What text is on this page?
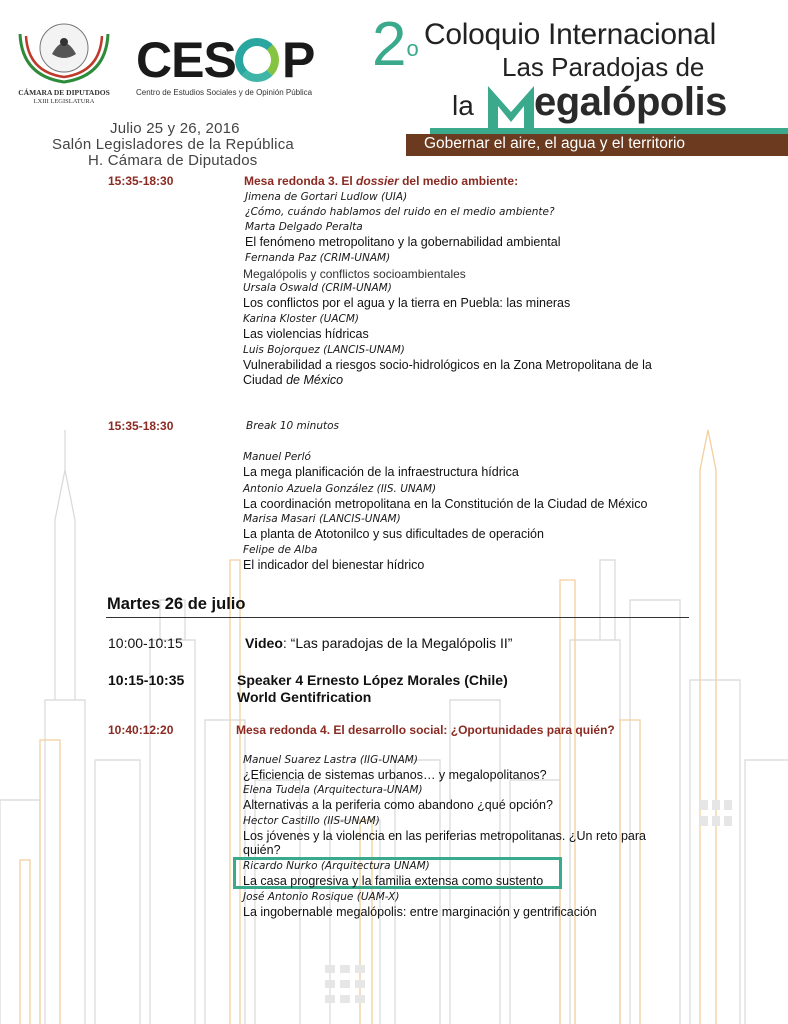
CÁMARA DE DIPUTADOS
LXIII LEGISLATURA
CES P
Centro de Estudios Sociales y de Opinión Pública
2$^o$ Coloquio Internacional
Las Paradojas de
la egalópolis
Gobernar el aire, el agua y el territorio
Julio 25 y 26, 2016
Salón Legisladores de la República
H. Cámara de Diputados
15:35-18:30	Mesa redonda 3. El dossier del medio ambiente:
Jimena de Gortari Ludlow (UIA)
¿Cómo, cuándo hablamos del ruido en el medio ambiente?
Marta Delgado Peralta
El fenómeno metropolitano y la gobernabilidad ambiental
Fernanda Paz (CRIM-UNAM)
Megalópolis y conflictos socioambientales
Ursala Oswald (CRIM-UNAM)
Los conflictos por el agua y la tierra en Puebla: las mineras
Karina Kloster (UACM)
Las violencias hídricas
Luis Bojorquez (LANCIS-UNAM)
Vulnerabilidad a riesgos socio-hidrológicos en la Zona Metropolitana de la
Ciudad de México
15:35-18:30	Break 10 minutos
Manuel Perló
La mega planificación de la infraestructura hídrica
Antonio Azuela González (IIS. UNAM)
La coordinación metropolitana en la Constitución de la Ciudad de México
Marisa Masari (LANCIS-UNAM)
La planta de Atotonilco y sus dificultades de operación
Felipe de Alba
El indicador del bienestar hídrico
Martes 26 de julio
10:00-10:15	Video: “Las paradojas de la Megalópolis II”
10:15-10:35	Speaker 4 Ernesto López Morales (Chile)
World Gentifrication
10:40:12:20	Mesa redonda 4. El desarrollo social: ¿Oportunidades para quién?
Manuel Suarez Lastra (IIG-UNAM)
¿Eficiencia de sistemas urbanos… y megalopolitanos?
Elena Tudela (Arquitectura-UNAM)
Alternativas a la periferia como abandono ¿qué opción?
Hector Castillo (IIS-UNAM)
Los jóvenes y la violencia en las periferias metropolitanas. ¿Un reto para
quién?
Ricardo Nurko (Arquitectura UNAM)
La casa progresiva y la familia extensa como sustento
José Antonio Rosique (UAM-X)
La ingobernable megalópolis: entre marginación y gentrificación
